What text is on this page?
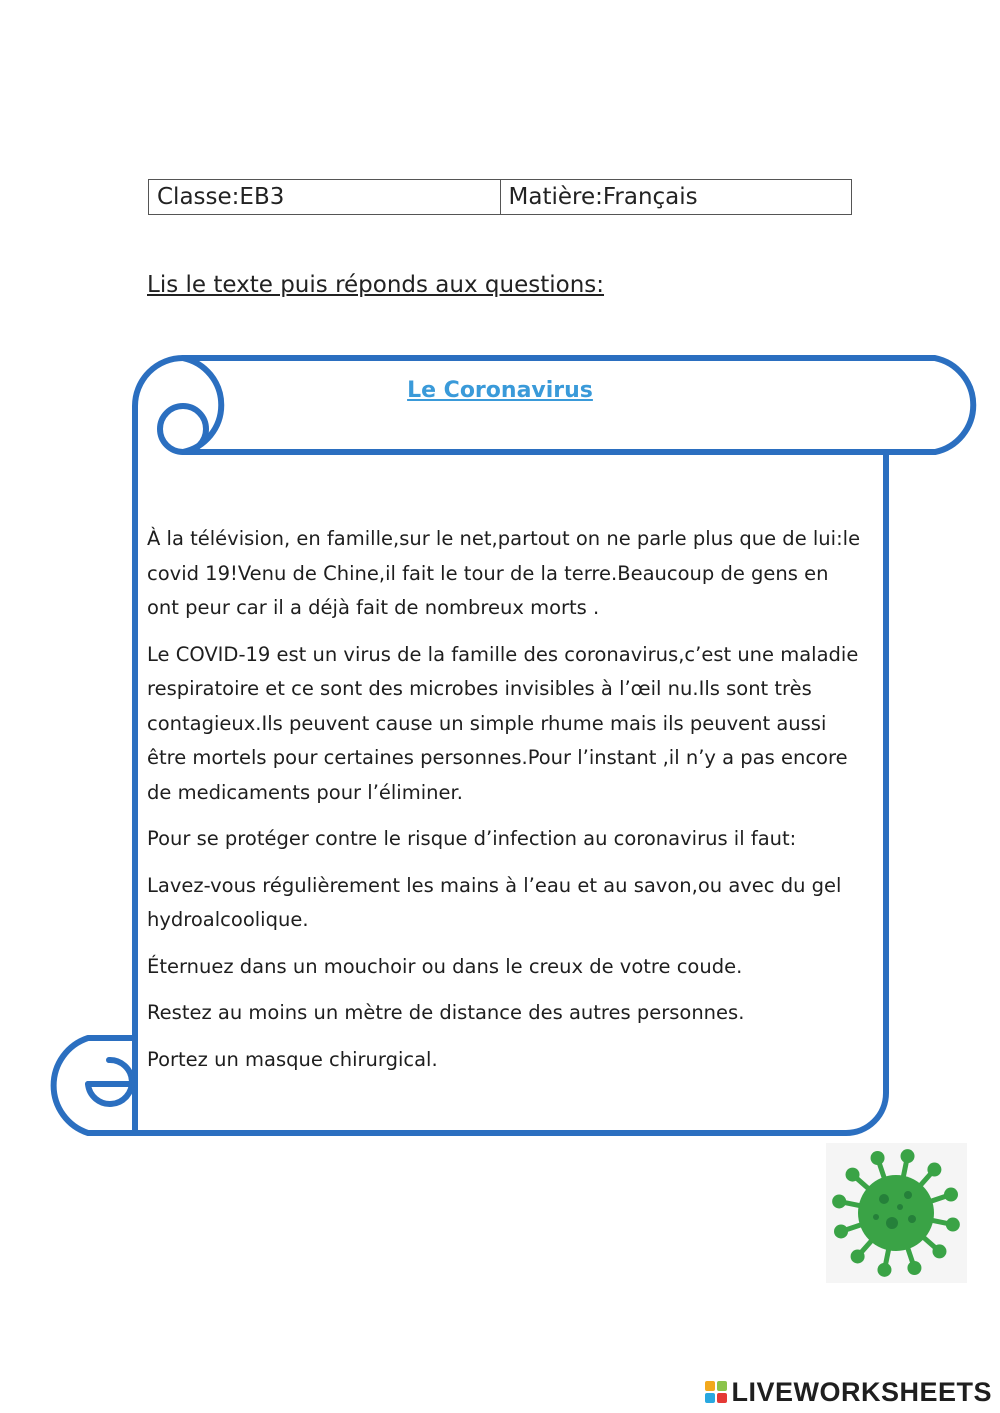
Classe:EB3	Matière:Français
Lis le texte puis réponds aux questions:
Le Coronavirus

À la télévision, en famille,sur le net,partout on ne parle plus que de lui:le covid 19!Venu de Chine,il fait le tour de la terre.Beaucoup de gens en ont peur car il a déjà fait de nombreux morts .

Le COVID-19 est un virus de la famille des coronavirus,c’est une maladie respiratoire et ce sont des microbes invisibles à l’œil nu.Ils sont très contagieux.Ils peuvent cause un simple rhume mais ils peuvent aussi être mortels pour certaines personnes.Pour l’instant ,il n’y a pas encore de medicaments pour l’éliminer.

Pour se protéger contre le risque d’infection au coronavirus il faut:

Lavez-vous régulièrement les mains à l’eau et au savon,ou avec du gel hydroalcoolique.

Éternuez dans un mouchoir ou dans le creux de votre coude.

Restez au moins un mètre de distance des autres personnes.

Portez un masque chirurgical.

LIVEWORKSHEETS
